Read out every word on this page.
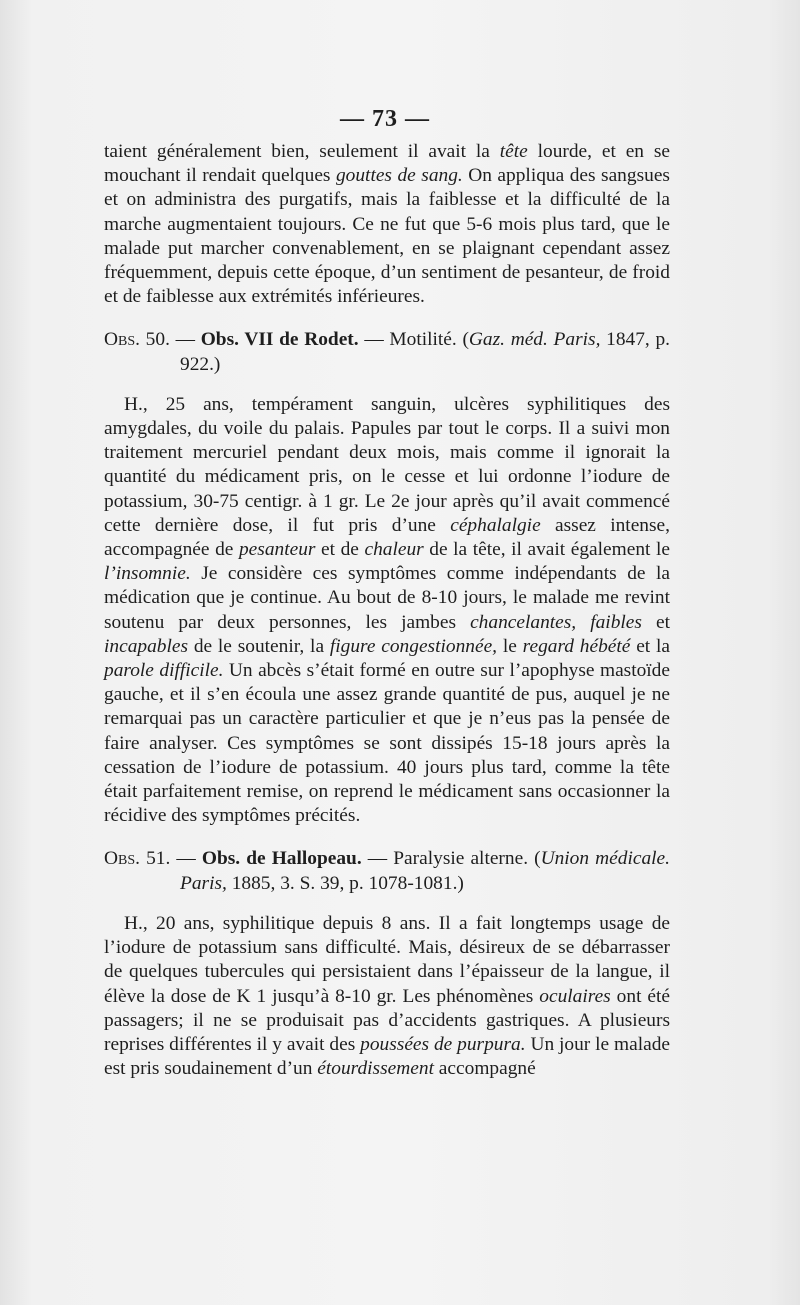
— 73 —

taient généralement bien, seulement il avait la tête lourde, et en se mouchant il rendait quelques gouttes de sang. On appliqua des sangsues et on administra des purgatifs, mais la faiblesse et la difficulté de la marche augmentaient toujours. Ce ne fut que 5-6 mois plus tard, que le malade put marcher convenablement, en se plaignant cependant assez fréquemment, depuis cette époque, d’un sentiment de pesanteur, de froid et de faiblesse aux extrémités inférieures.

Obs. 50. — Obs. VII de Rodet. — Motilité. (Gaz. méd. Paris, 1847, p. 922.)

H., 25 ans, tempérament sanguin, ulcères syphilitiques des amygdales, du voile du palais. Papules par tout le corps. Il a suivi mon traitement mercuriel pendant deux mois, mais comme il ignorait la quantité du médicament pris, on le cesse et lui ordonne l’iodure de potassium, 30-75 centigr. à 1 gr. Le 2e jour après qu’il avait commencé cette dernière dose, il fut pris d’une céphalalgie assez intense, accompagnée de pesanteur et de chaleur de la tête, il avait également le l’insomnie. Je considère ces symptômes comme indépendants de la médication que je continue. Au bout de 8-10 jours, le malade me revint soutenu par deux personnes, les jambes chancelantes, faibles et incapables de le soutenir, la figure congestionnée, le regard hébété et la parole difficile. Un abcès s’était formé en outre sur l’apophyse mastoïde gauche, et il s’en écoula une assez grande quantité de pus, auquel je ne remarquai pas un caractère particulier et que je n’eus pas la pensée de faire analyser. Ces symptômes se sont dissipés 15-18 jours après la cessation de l’iodure de potassium. 40 jours plus tard, comme la tête était parfaitement remise, on reprend le médicament sans occasionner la récidive des symptômes précités.

Obs. 51. — Obs. de Hallopeau. — Paralysie alterne. (Union médicale. Paris, 1885, 3. S. 39, p. 1078-1081.)

H., 20 ans, syphilitique depuis 8 ans. Il a fait longtemps usage de l’iodure de potassium sans difficulté. Mais, désireux de se débarrasser de quelques tubercules qui persistaient dans l’épaisseur de la langue, il élève la dose de K 1 jusqu’à 8-10 gr. Les phénomènes oculaires ont été passagers; il ne se produisait pas d’accidents gastriques. A plusieurs reprises différentes il y avait des poussées de purpura. Un jour le malade est pris soudainement d’un étourdissement accompagné
